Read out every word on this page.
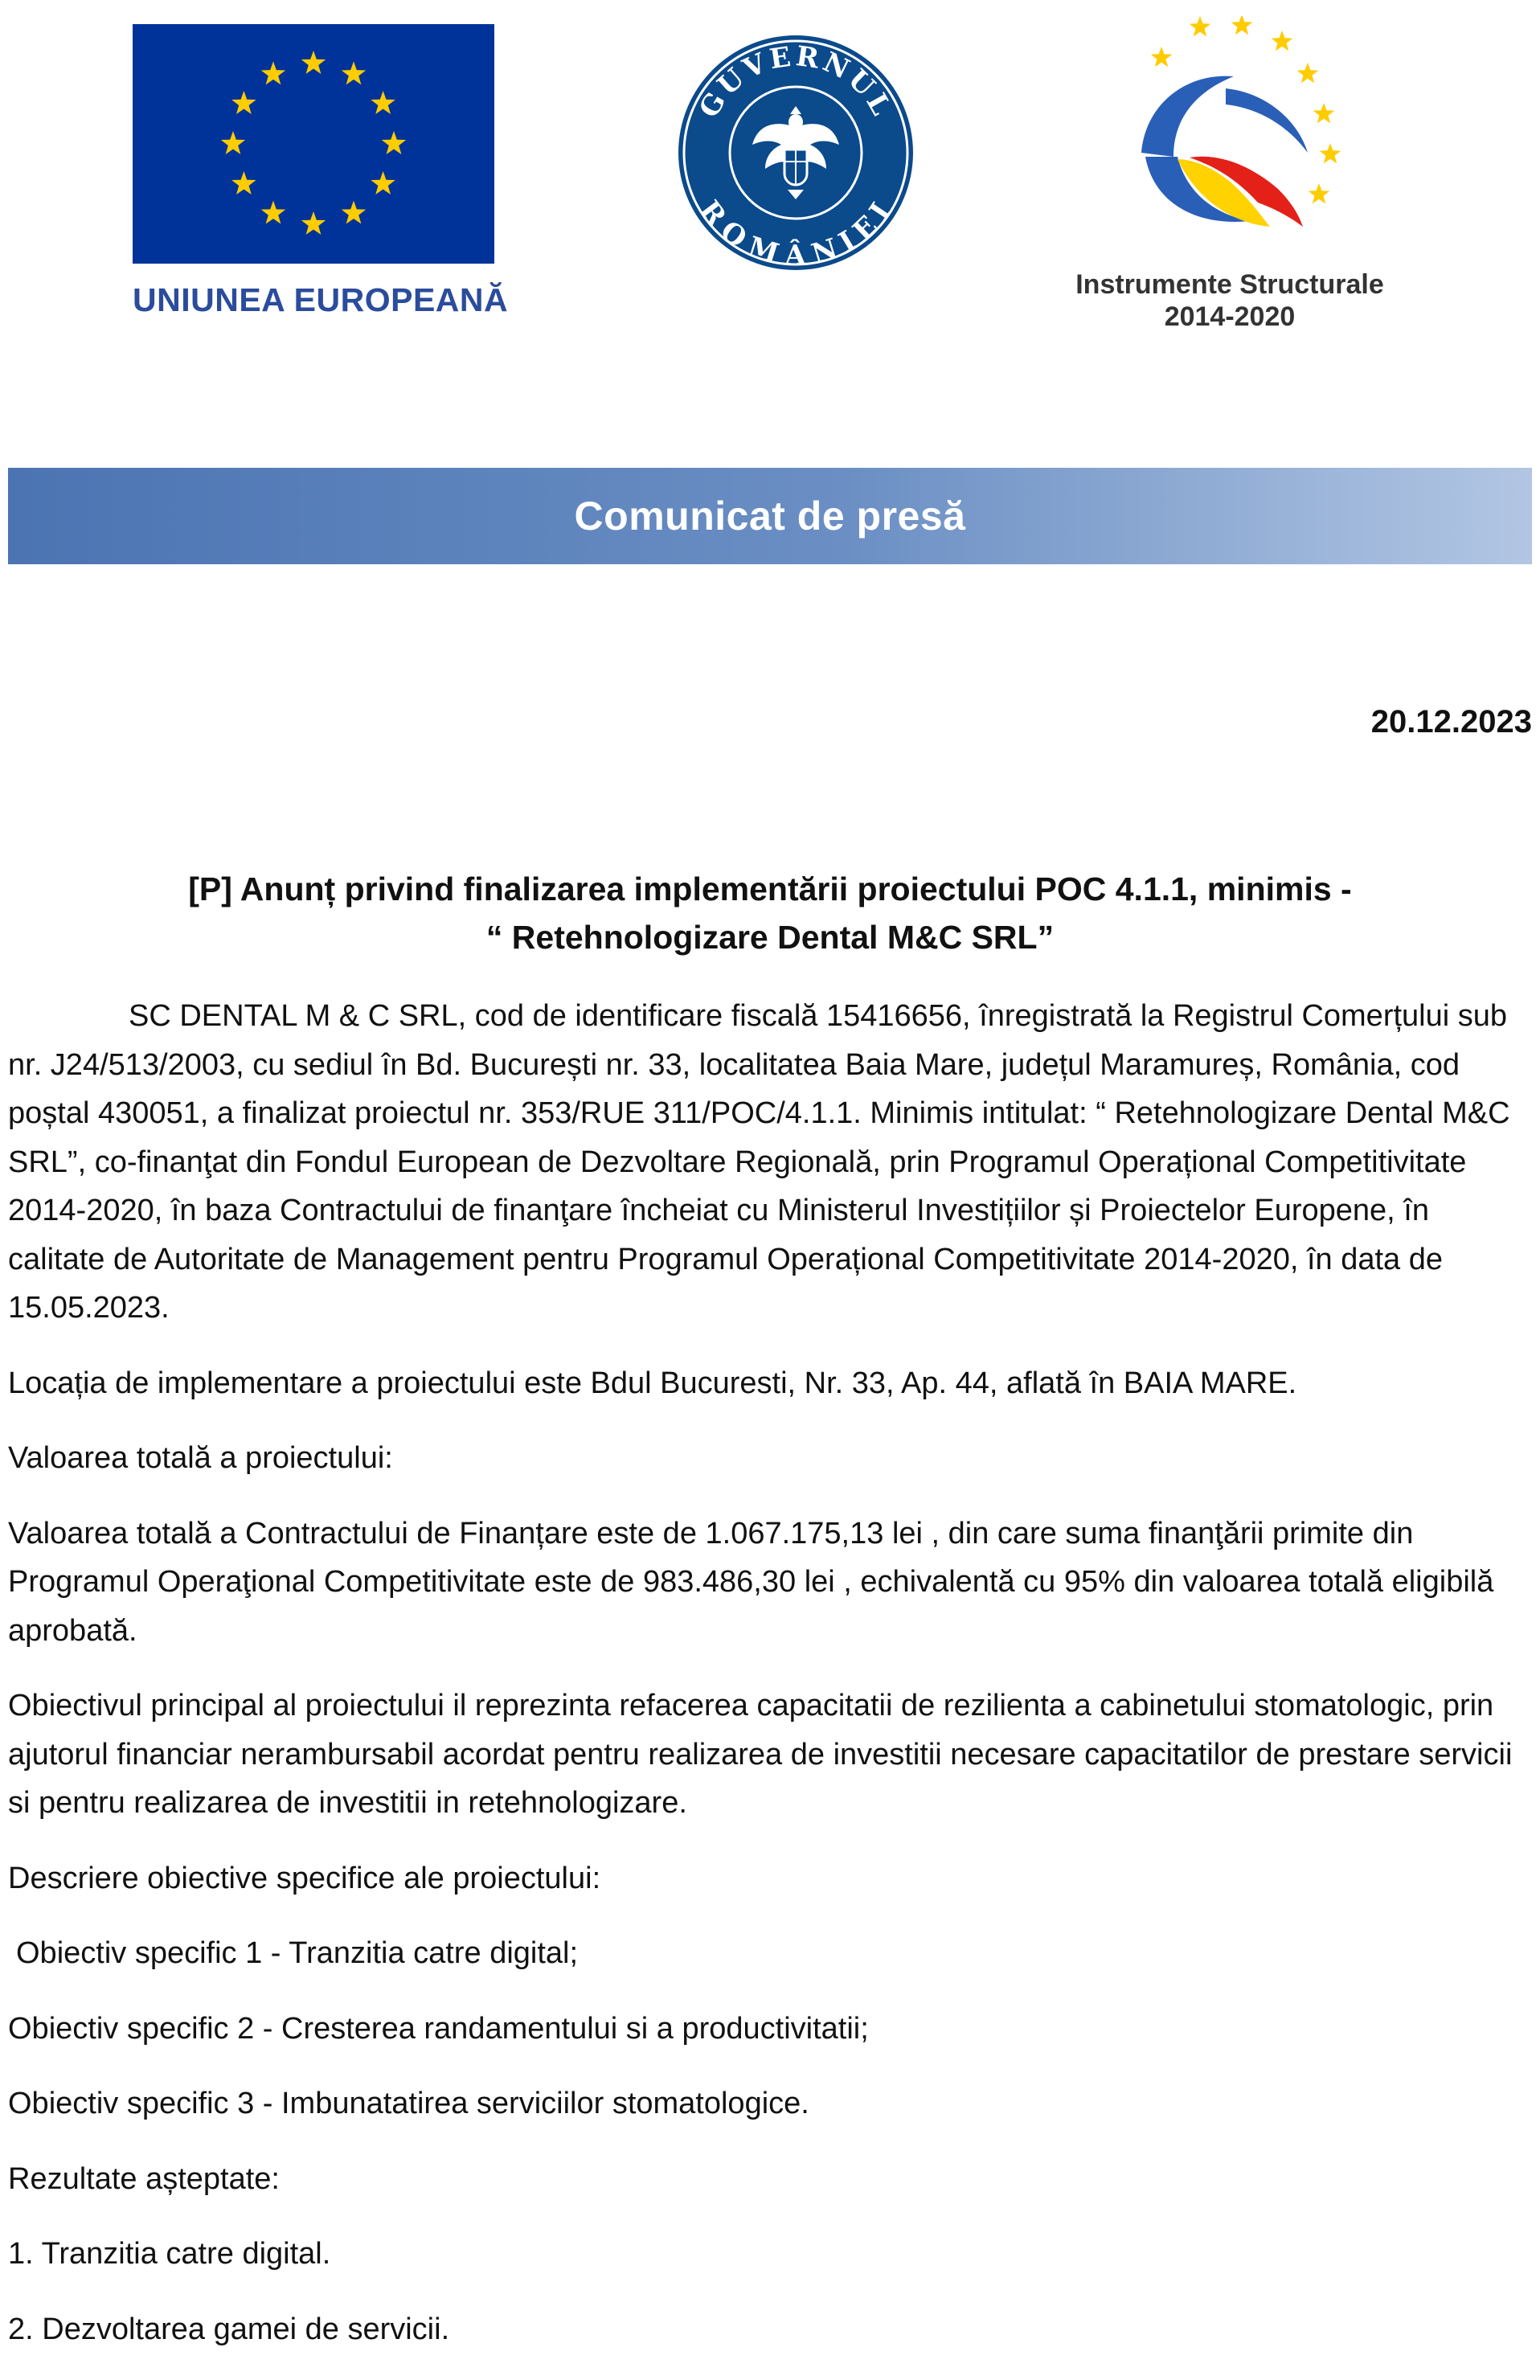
UNIUNEA EUROPEANĂ
GUVERNUL
ROMÂNIEI
Instrumente Structurale
2014-2020
Comunicat de presă
20.12.2023
[P] Anunț privind finalizarea implementării proiectului POC 4.1.1, minimis -
“ Retehnologizare Dental M&C SRL”

SC DENTAL M & C SRL, cod de identificare fiscală 15416656, înregistrată la Registrul Comerțului sub nr. J24/513/2003, cu sediul în Bd. București nr. 33, localitatea Baia Mare, județul Maramureș, România, cod poștal 430051, a finalizat proiectul nr. 353/RUE 311/POC/4.1.1. Minimis intitulat: “ Retehnologizare Dental M&C SRL”, co-finanţat din Fondul European de Dezvoltare Regională, prin Programul Operațional Competitivitate 2014-2020, în baza Contractului de finanţare încheiat cu Ministerul Investițiilor și Proiectelor Europene, în calitate de Autoritate de Management pentru Programul Operațional Competitivitate 2014-2020, în data de 15.05.2023.

Locația de implementare a proiectului este Bdul Bucuresti, Nr. 33, Ap. 44, aflată în BAIA MARE.

Valoarea totală a proiectului:

Valoarea totală a Contractului de Finanțare este de 1.067.175,13 lei , din care suma finanţării primite din Programul Operaţional Competitivitate este de 983.486,30 lei , echivalentă cu 95% din valoarea totală eligibilă aprobată.

Obiectivul principal al proiectului il reprezinta refacerea capacitatii de rezilienta a cabinetului stomatologic, prin ajutorul financiar nerambursabil acordat pentru realizarea de investitii necesare capacitatilor de prestare servicii si pentru realizarea de investitii in retehnologizare.

Descriere obiective specifice ale proiectului:

Obiectiv specific 1 - Tranzitia catre digital;

Obiectiv specific 2 - Cresterea randamentului si a productivitatii;

Obiectiv specific 3 - Imbunatatirea serviciilor stomatologice.

Rezultate așteptate:

1. Tranzitia catre digital.

2. Dezvoltarea gamei de servicii.
